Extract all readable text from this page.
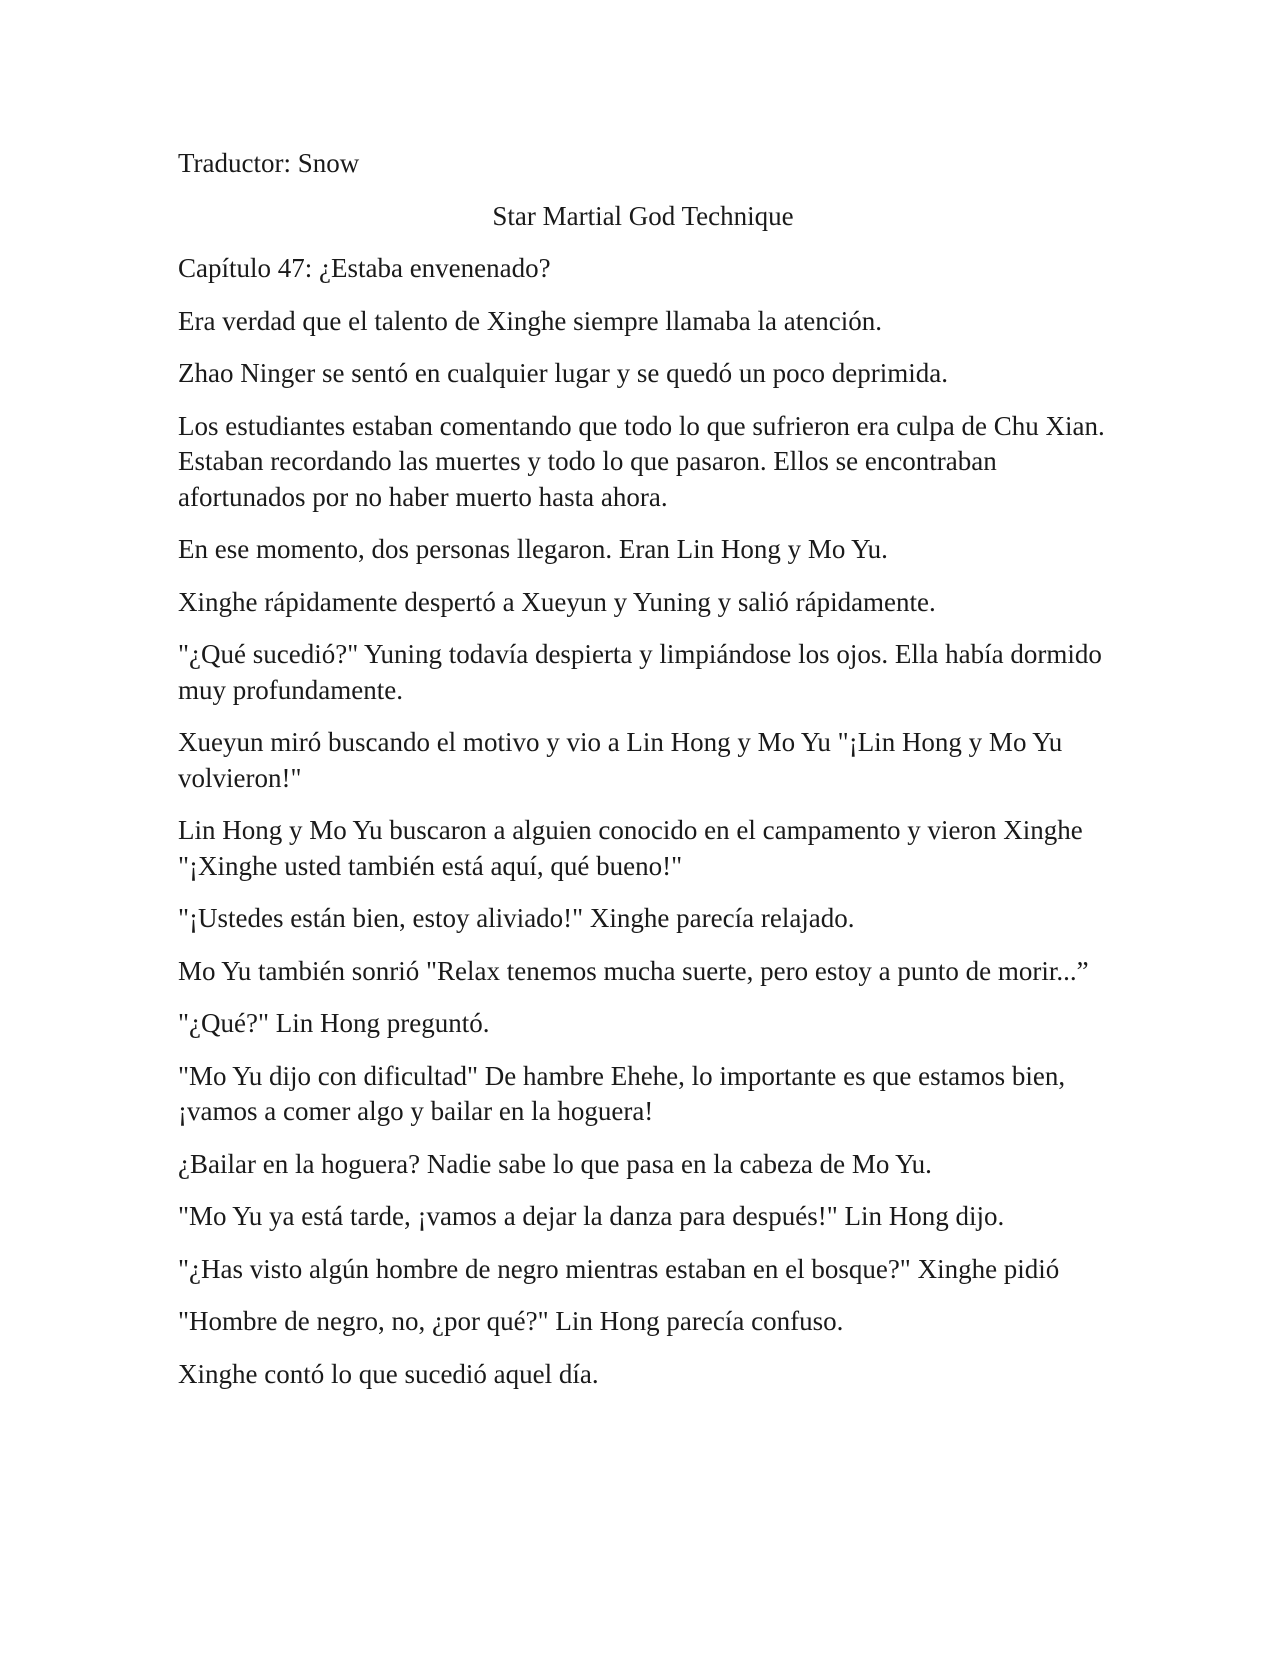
Traductor: Snow

Star Martial God Technique

Capítulo 47: ¿Estaba envenenado?

Era verdad que el talento de Xinghe siempre llamaba la atención.

Zhao Ninger se sentó en cualquier lugar y se quedó un poco deprimida.

Los estudiantes estaban comentando que todo lo que sufrieron era culpa de Chu Xian. Estaban recordando las muertes y todo lo que pasaron. Ellos se encontraban afortunados por no haber muerto hasta ahora.

En ese momento, dos personas llegaron. Eran Lin Hong y Mo Yu.

Xinghe rápidamente despertó a Xueyun y Yuning y salió rápidamente.

"¿Qué sucedió?" Yuning todavía despierta y limpiándose los ojos. Ella había dormido muy profundamente.

Xueyun miró buscando el motivo y vio a Lin Hong y Mo Yu "¡Lin Hong y Mo Yu volvieron!"

Lin Hong y Mo Yu buscaron a alguien conocido en el campamento y vieron Xinghe "¡Xinghe usted también está aquí, qué bueno!"

"¡Ustedes están bien, estoy aliviado!" Xinghe parecía relajado.

Mo Yu también sonrió "Relax tenemos mucha suerte, pero estoy a punto de morir...”

"¿Qué?" Lin Hong preguntó.

"Mo Yu dijo con dificultad" De hambre Ehehe, lo importante es que estamos bien, ¡vamos a comer algo y bailar en la hoguera!

¿Bailar en la hoguera? Nadie sabe lo que pasa en la cabeza de Mo Yu.

"Mo Yu ya está tarde, ¡vamos a dejar la danza para después!" Lin Hong dijo.

"¿Has visto algún hombre de negro mientras estaban en el bosque?" Xinghe pidió

"Hombre de negro, no, ¿por qué?" Lin Hong parecía confuso.

Xinghe contó lo que sucedió aquel día.
